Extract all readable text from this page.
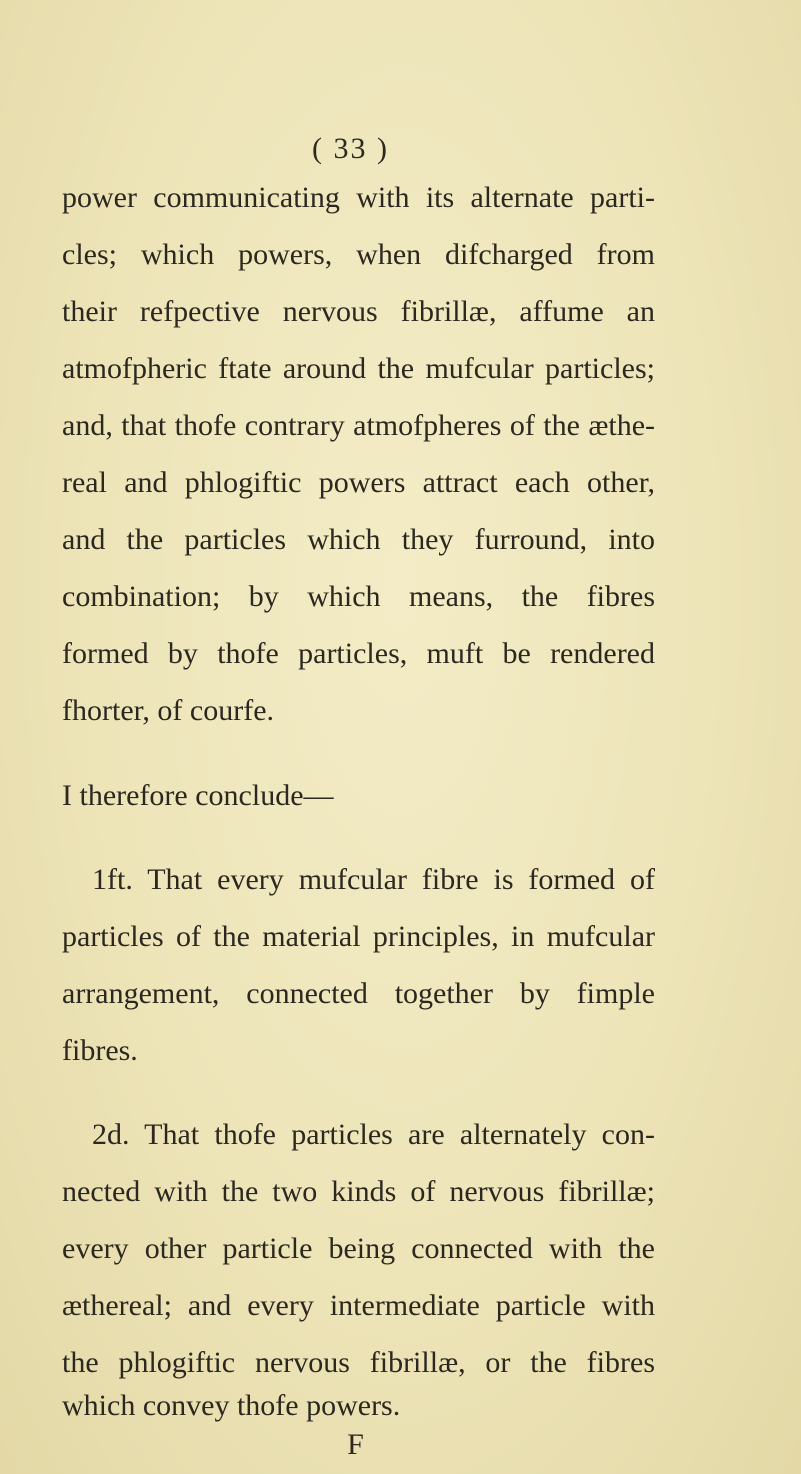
( 33 )
power communicating with its alternate parti-
cles; which powers, when difcharged from
their refpective nervous fibrillæ, affume an
atmofpheric ftate around the mufcular particles;
and, that thofe contrary atmofpheres of the æthe-
real and phlogiftic powers attract each other,
and the particles which they furround, into
combination; by which means, the fibres
formed by thofe particles, muft be rendered
fhorter, of courfe.
I therefore conclude—
1ft. That every mufcular fibre is formed of
particles of the material principles, in mufcular
arrangement, connected together by fimple
fibres.
2d. That thofe particles are alternately con-
nected with the two kinds of nervous fibrillæ;
every other particle being connected with the
æthereal; and every intermediate particle with
the phlogiftic nervous fibrillæ, or the fibres
F
which convey thofe powers.
